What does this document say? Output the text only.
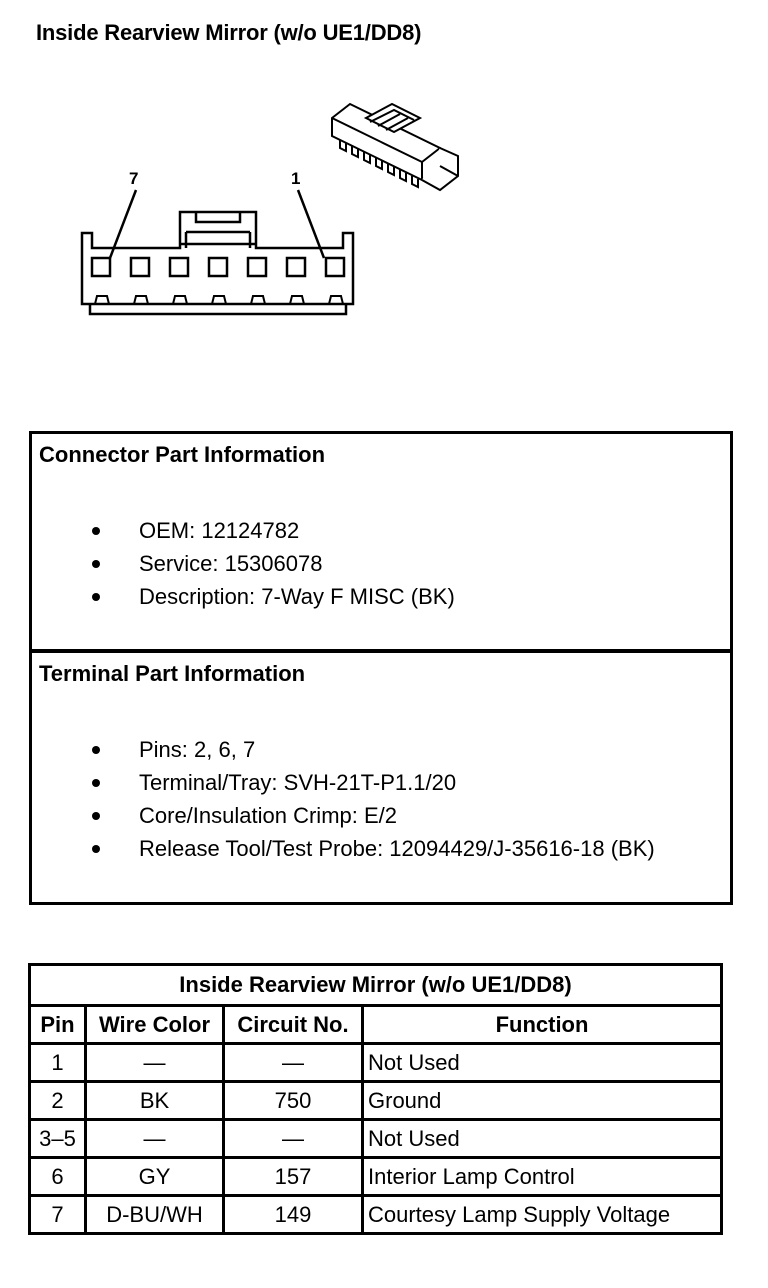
Inside Rearview Mirror (w/o UE1/DD8)
7	1
Connector Part Information
OEM: 12124782
Service: 15306078
Description: 7-Way F MISC (BK)
Terminal Part Information
Pins: 2, 6, 7
Terminal/Tray: SVH-21T-P1.1/20
Core/Insulation Crimp: E/2
Release Tool/Test Probe: 12094429/J-35616-18 (BK)
Inside Rearview Mirror (w/o UE1/DD8)			
Pin	Wire Color	Circuit No.	Function
1	—	—	Not Used
2	BK	750	Ground
3–5	—	—	Not Used
6	GY	157	Interior Lamp Control
7	D-BU/WH	149	Courtesy Lamp Supply Voltage
